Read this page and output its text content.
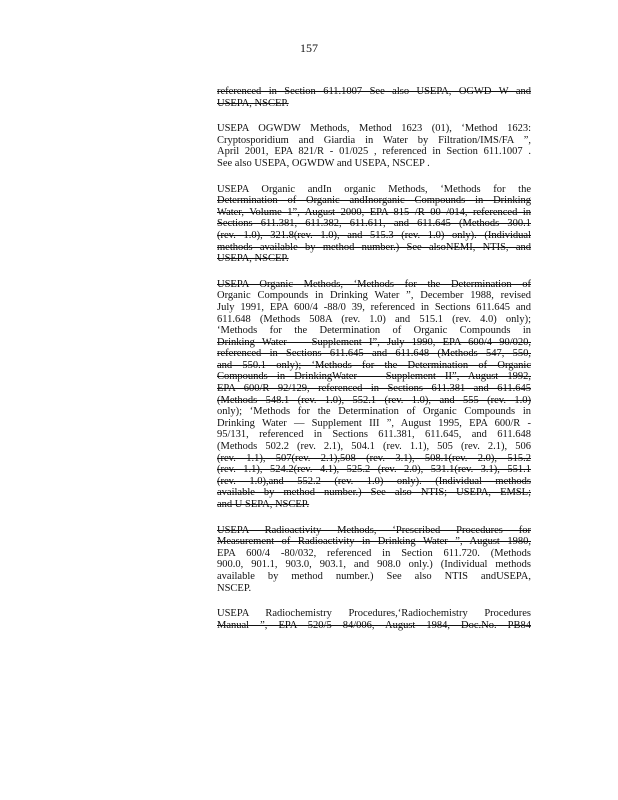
157
referenced in Section 611.1007 See also USEPA, OGWD W and
USEPA, NSCEP.
USEPA OGWDW Methods, Method 1623 (01), ‘Method 1623:
Cryptosporidium and Giardia in Water by Filtration/IMS/FA ”,
April 2001, EPA 821/R - 01/025 , referenced in Section 611.1007 .
See also USEPA, OGWDW and USEPA, NSCEP .
USEPA Organic andIn organic Methods, ‘Methods for the
Determination of Organic andInorganic Compounds in Drinking
Water, Volume 1”, August 2000, EPA 815 /R 00 /014, referenced in
Sections 611.381, 611.382, 611.611, and 611.645 (Methods 300.1
(rev. 1.0), 321.8(rev. 1.0), and 515.3 (rev. 1.0) only). (Individual
methods available by method number.) See alsoNEMI, NTIS, and
USEPA, NSCEP.
USEPA Organic Methods, ‘Methods for the Determination of
Organic Compounds in Drinking Water ”, December 1988, revised
July 1991, EPA 600/4 -88/0 39, referenced in Sections 611.645 and
611.648 (Methods 508A (rev. 1.0) and 515.1 (rev. 4.0) only);
‘Methods for the Determination of Organic Compounds in
Drinking Water — Supplement I”, July 1990, EPA 600/4 90/020,
referenced in Sections 611.645 and 611.648 (Methods 547, 550,
and 550.1 only); ‘Methods for the Determination of Organic
Compounds in DrinkingWater — Supplement II”, August 1992,
EPA 600/R 92/129, referenced in Sections 611.381 and 611.645
(Methods 548.1 (rev. 1.0), 552.1 (rev. 1.0), and 555 (rev. 1.0)
only); ‘Methods for the Determination of Organic Compounds in
Drinking Water — Supplement III ”, August 1995, EPA 600/R -
95/131, referenced in Sections 611.381, 611.645, and 611.648
(Methods 502.2 (rev. 2.1), 504.1 (rev. 1.1), 505 (rev. 2.1), 506
(rev. 1.1), 507(rev. 2.1),508 (rev. 3.1), 508.1(rev. 2.0), 515.2
(rev. 1.1), 524.2(rev. 4.1), 525.2 (rev. 2.0), 531.1(rev. 3.1), 551.1
(rev. 1.0),and 552.2 (rev. 1.0) only). (Individual methods
available by method number.) See also NTIS; USEPA, EMSL;
and U SEPA, NSCEP.
USEPA Radioactivity Methods, ‘Prescribed Procedures for
Measurement of Radioactivity in Drinking Water ”, August 1980,
EPA 600/4 -80/032, referenced in Section 611.720. (Methods
900.0, 901.1, 903.0, 903.1, and 908.0 only.) (Individual methods
available by method number.) See also NTIS andUSEPA,
NSCEP.
USEPA Radiochemistry Procedures,‘Radiochemistry Procedures
Manual ”, EPA 520/5 84/006, August 1984, Doc.No. PB84
